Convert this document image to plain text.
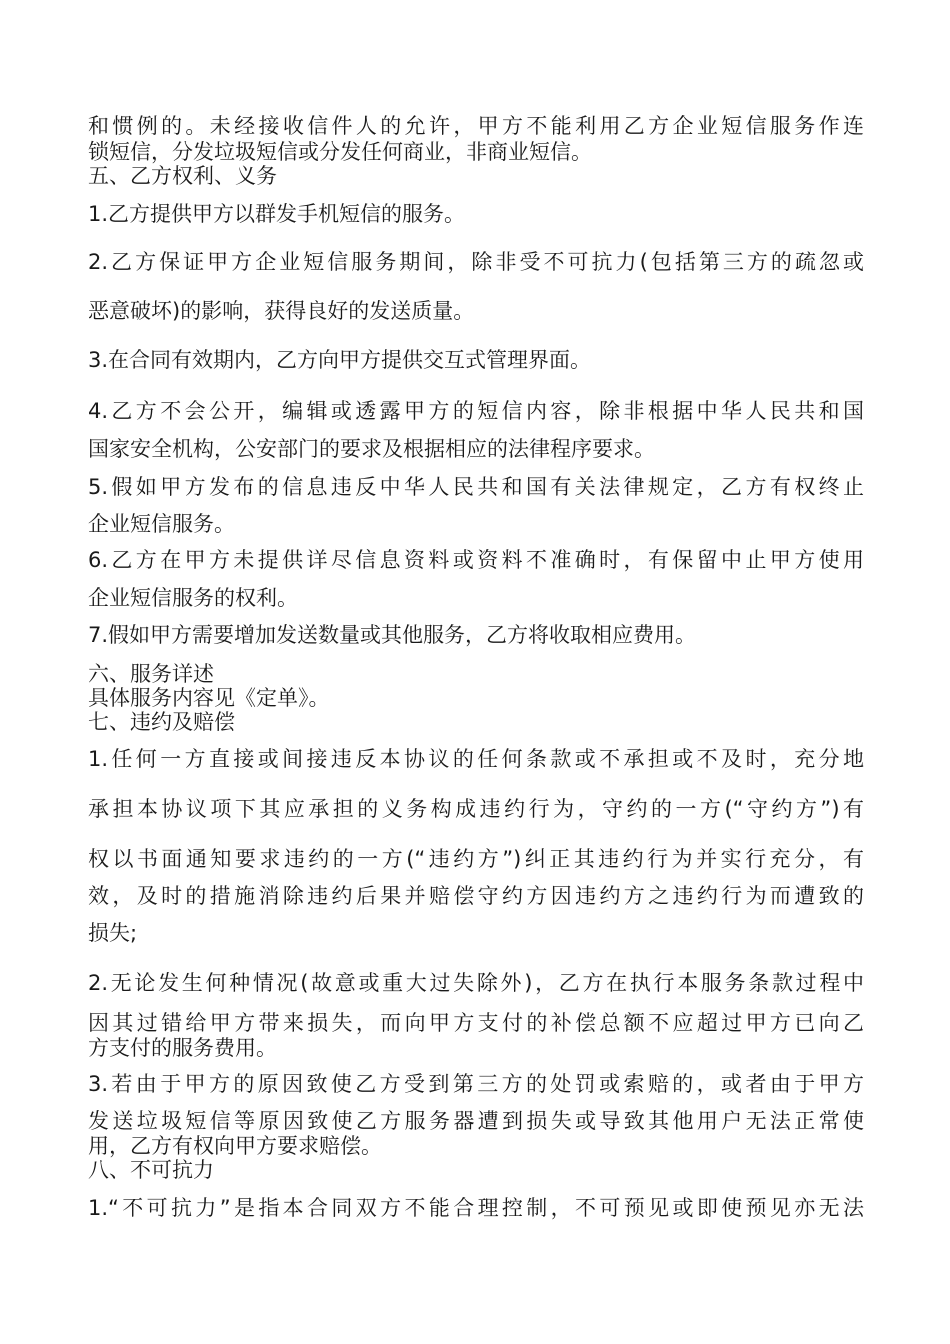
和惯例的。未经接收信件人的允许，甲方不能利用乙方企业短信服务作连
锁短信，分发垃圾短信或分发任何商业，非商业短信。
五、乙方权利、义务
1.乙方提供甲方以群发手机短信的服务。
2.乙方保证甲方企业短信服务期间，除非受不可抗力(包括第三方的疏忽或
恶意破坏)的影响，获得良好的发送质量。
3.在合同有效期内，乙方向甲方提供交互式管理界面。
4.乙方不会公开，编辑或透露甲方的短信内容，除非根据中华人民共和国
国家安全机构，公安部门的要求及根据相应的法律程序要求。
5.假如甲方发布的信息违反中华人民共和国有关法律规定，乙方有权终止
企业短信服务。
6.乙方在甲方未提供详尽信息资料或资料不准确时，有保留中止甲方使用
企业短信服务的权利。
7.假如甲方需要增加发送数量或其他服务，乙方将收取相应费用。
六、服务详述
具体服务内容见《定单》。
七、违约及赔偿
1.任何一方直接或间接违反本协议的任何条款或不承担或不及时，充分地
承担本协议项下其应承担的义务构成违约行为，守约的一方(“守约方”)有
权以书面通知要求违约的一方(“违约方”)纠正其违约行为并实行充分，有
效，及时的措施消除违约后果并赔偿守约方因违约方之违约行为而遭致的
损失;
2.无论发生何种情况(故意或重大过失除外)，乙方在执行本服务条款过程中
因其过错给甲方带来损失，而向甲方支付的补偿总额不应超过甲方已向乙
方支付的服务费用。
3.若由于甲方的原因致使乙方受到第三方的处罚或索赔的，或者由于甲方
发送垃圾短信等原因致使乙方服务器遭到损失或导致其他用户无法正常使
用，乙方有权向甲方要求赔偿。
八、不可抗力
1.“不可抗力”是指本合同双方不能合理控制，不可预见或即使预见亦无法
